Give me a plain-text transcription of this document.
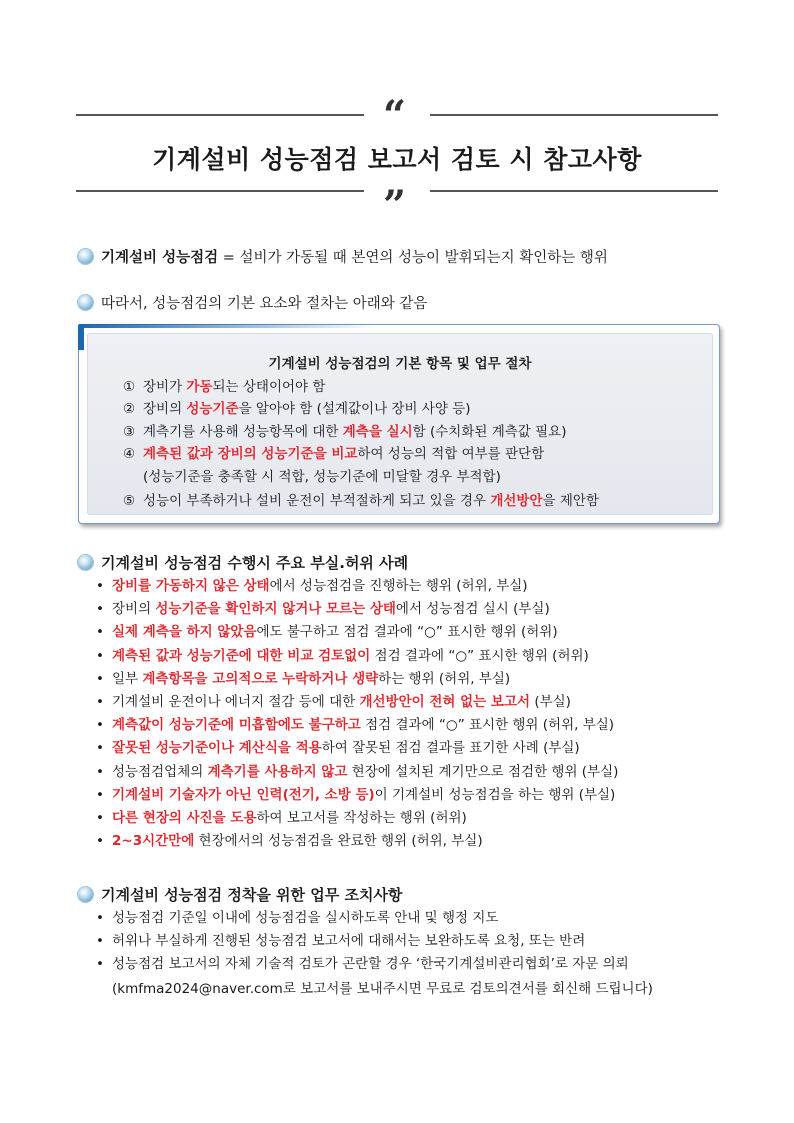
“
기계설비 성능점검 보고서 검토 시 참고사항
”
기계설비 성능점검 = 설비가 가동될 때 본연의 성능이 발휘되는지 확인하는 행위
따라서, 성능점검의 기본 요소와 절차는 아래와 같음
기계설비 성능점검의 기본 항목 및 업무 절차
① 장비가 가동되는 상태이어야 함
② 장비의 성능기준을 알아야 함 (설계값이나 장비 사양 등)
③ 계측기를 사용해 성능항목에 대한 계측을 실시함 (수치화된 계측값 필요)
④ 계측된 값과 장비의 성능기준을 비교하여 성능의 적합 여부를 판단함
(성능기준을 충족할 시 적합, 성능기준에 미달할 경우 부적합)
⑤ 성능이 부족하거나 설비 운전이 부적절하게 되고 있을 경우 개선방안을 제안함
기계설비 성능점검 수행시 주요 부실.허위 사례
• 장비를 가동하지 않은 상태에서 성능점검을 진행하는 행위 (허위, 부실)
• 장비의 성능기준을 확인하지 않거나 모르는 상태에서 성능점검 실시 (부실)
• 실제 계측을 하지 않았음에도 불구하고 점검 결과에 “○” 표시한 행위 (허위)
• 계측된 값과 성능기준에 대한 비교 검토없이 점검 결과에 “○” 표시한 행위 (허위)
• 일부 계측항목을 고의적으로 누락하거나 생략하는 행위 (허위, 부실)
• 기계설비 운전이나 에너지 절감 등에 대한 개선방안이 전혀 없는 보고서 (부실)
• 계측값이 성능기준에 미흡함에도 불구하고 점검 결과에 “○” 표시한 행위 (허위, 부실)
• 잘못된 성능기준이나 계산식을 적용하여 잘못된 점검 결과를 표기한 사례 (부실)
• 성능점검업체의 계측기를 사용하지 않고 현장에 설치된 계기만으로 점검한 행위 (부실)
• 기계설비 기술자가 아닌 인력(전기, 소방 등)이 기계설비 성능점검을 하는 행위 (부실)
• 다른 현장의 사진을 도용하여 보고서를 작성하는 행위 (허위)
• 2~3시간만에 현장에서의 성능점검을 완료한 행위 (허위, 부실)
기계설비 성능점검 정착을 위한 업무 조치사항
• 성능점검 기준일 이내에 성능점검을 실시하도록 안내 및 행정 지도
• 허위나 부실하게 진행된 성능점검 보고서에 대해서는 보완하도록 요청, 또는 반려
• 성능점검 보고서의 자체 기술적 검토가 곤란할 경우 ‘한국기계설비관리협회’로 자문 의뢰
(kmfma2024@naver.com로 보고서를 보내주시면 무료로 검토의견서를 회신해 드립니다)
